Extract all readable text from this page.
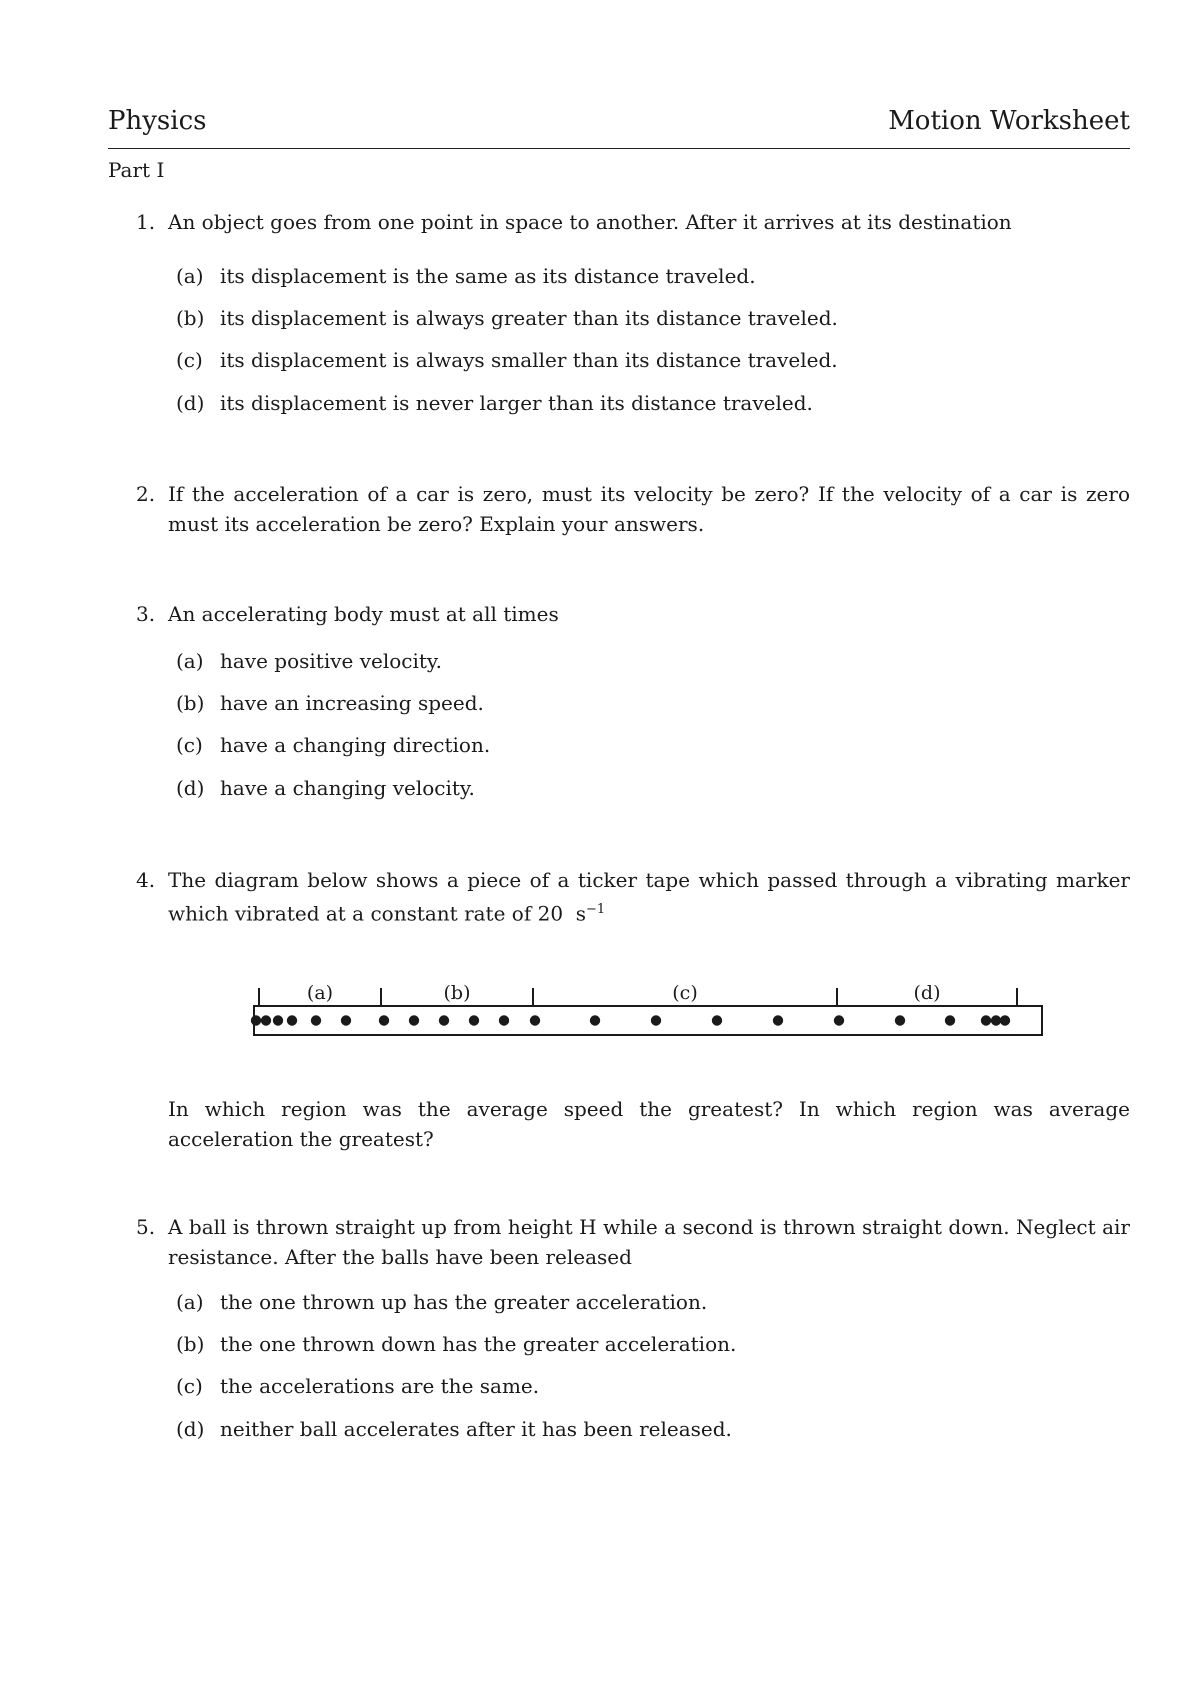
Physics	Motion Worksheet
Part I
1. An object goes from one point in space to another. After it arrives at its destination
(a) its displacement is the same as its distance traveled.
(b) its displacement is always greater than its distance traveled.
(c) its displacement is always smaller than its distance traveled.
(d) its displacement is never larger than its distance traveled.
2. If the acceleration of a car is zero, must its velocity be zero? If the velocity of a car is zero must its acceleration be zero? Explain your answers.
3. An accelerating body must at all times
(a) have positive velocity.
(b) have an increasing speed.
(c) have a changing direction.
(d) have a changing velocity.
4. The diagram below shows a piece of a ticker tape which passed through a vibrating marker which vibrated at a constant rate of 20 $s^{-1}$
(a)	(b)	(c)	(d)
In which region was the average speed the greatest? In which region was average acceleration the greatest?
5. A ball is thrown straight up from height H while a second is thrown straight down. Neglect air resistance. After the balls have been released
(a) the one thrown up has the greater acceleration.
(b) the one thrown down has the greater acceleration.
(c) the accelerations are the same.
(d) neither ball accelerates after it has been released.
